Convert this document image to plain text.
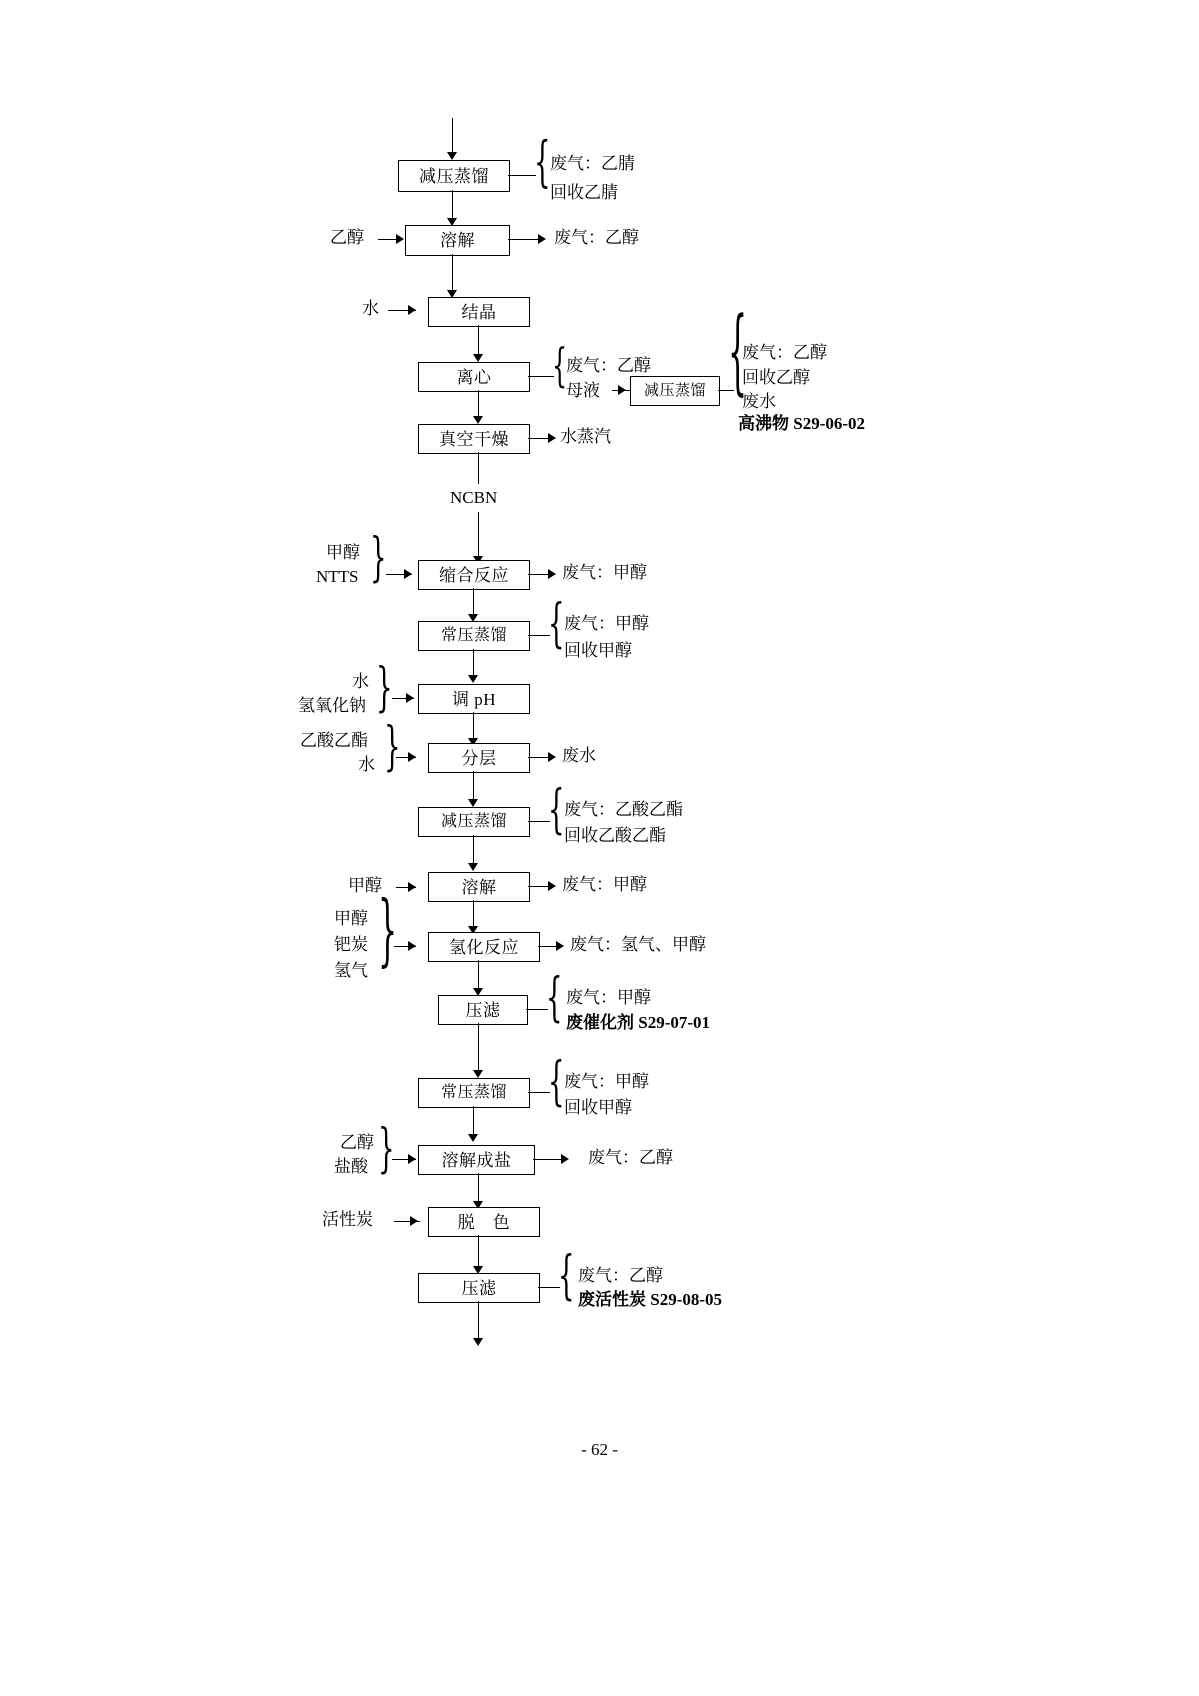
减压蒸馏 { 废气：乙腈
回收乙腈
乙醇	溶解	废气：乙醇
水	结晶
离心	{
废气：乙醇
母液	减压蒸馏 {
废气：乙醇
回收乙醇
废水
高沸物 S29-06-02
真空干燥	水蒸汽
NCBN
甲醇
NTTS }	缩合反应	废气：甲醇
常压蒸馏 { 废气：甲醇
回收甲醇
水
氢氧化钠 }	调 pH
乙酸乙酯
水 }	分层	废水
减压蒸馏 { 废气：乙酸乙酯
回收乙酸乙酯
甲醇	溶解	废气：甲醇
甲醇
钯炭
氢气 }	氢化反应	废气：氢气、甲醇
压滤 { 废气：甲醇
废催化剂 S29-07-01
常压蒸馏 { 废气：甲醇
回收甲醇
乙醇
盐酸 }	溶解成盐	废气：乙醇
活性炭	脱　色
压滤 { 废气：乙醇
废活性炭 S29-08-05
- 62 -
